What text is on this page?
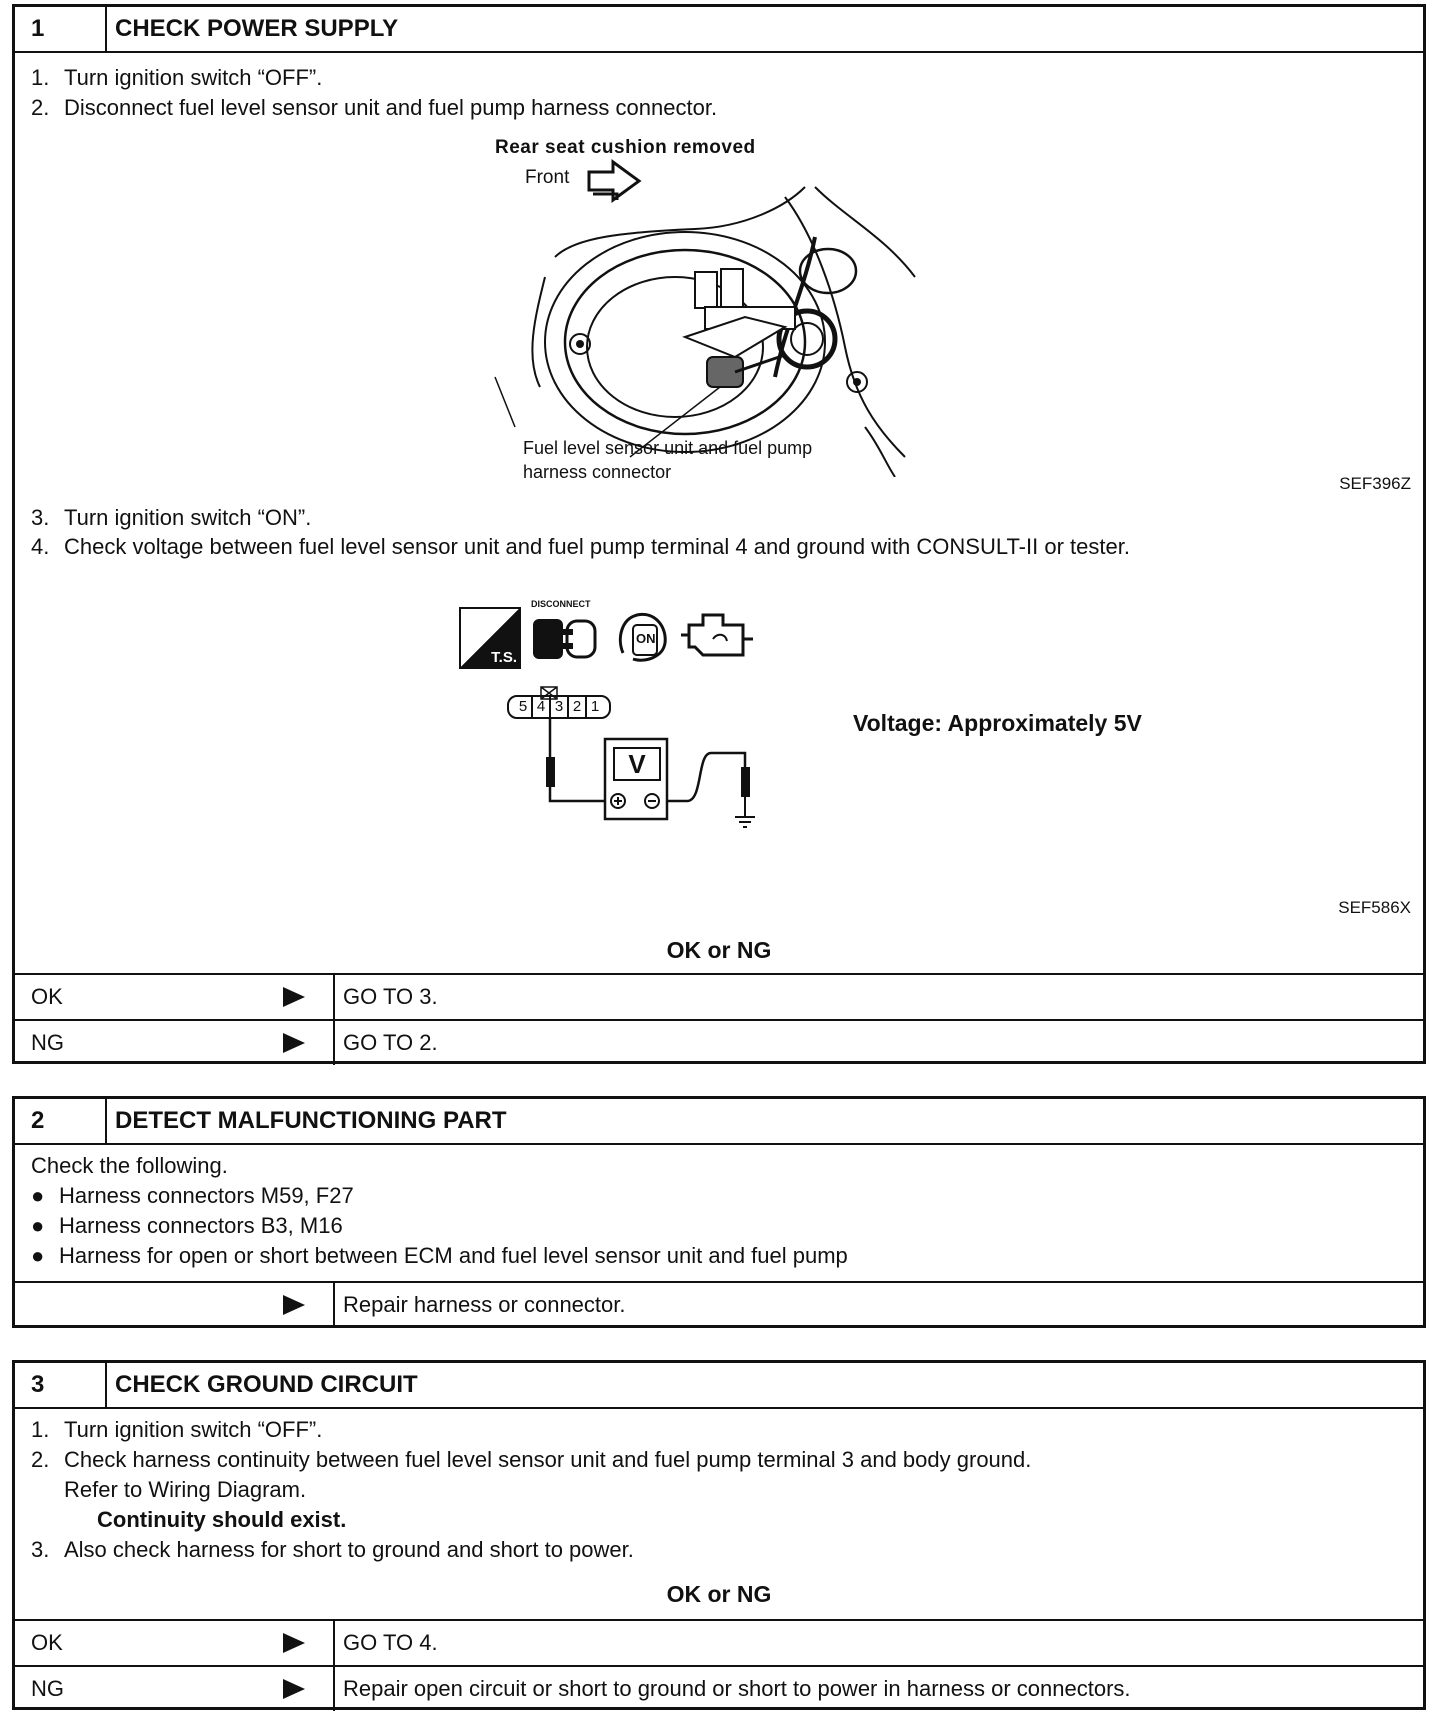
1	CHECK POWER SUPPLY
1. Turn ignition switch “OFF”.
2. Disconnect fuel level sensor unit and fuel pump harness connector.
Rear seat cushion removed
Front
Fuel level sensor unit and fuel pump
harness connector
SEF396Z
3. Turn ignition switch “ON”.
4. Check voltage between fuel level sensor unit and fuel pump terminal 4 and ground with CONSULT-II or tester.
T.S.
DISCONNECT
ON
5 4 3 2 1
V
Voltage: Approximately 5V
SEF586X
OK or NG
OK	GO TO 3.
NG	GO TO 2.
2	DETECT MALFUNCTIONING PART
Check the following.
● Harness connectors M59, F27
● Harness connectors B3, M16
● Harness for open or short between ECM and fuel level sensor unit and fuel pump
Repair harness or connector.
3	CHECK GROUND CIRCUIT
1. Turn ignition switch “OFF”.
2. Check harness continuity between fuel level sensor unit and fuel pump terminal 3 and body ground.
Refer to Wiring Diagram.
Continuity should exist.
3. Also check harness for short to ground and short to power.
OK or NG
OK	GO TO 4.
NG	Repair open circuit or short to ground or short to power in harness or connectors.
